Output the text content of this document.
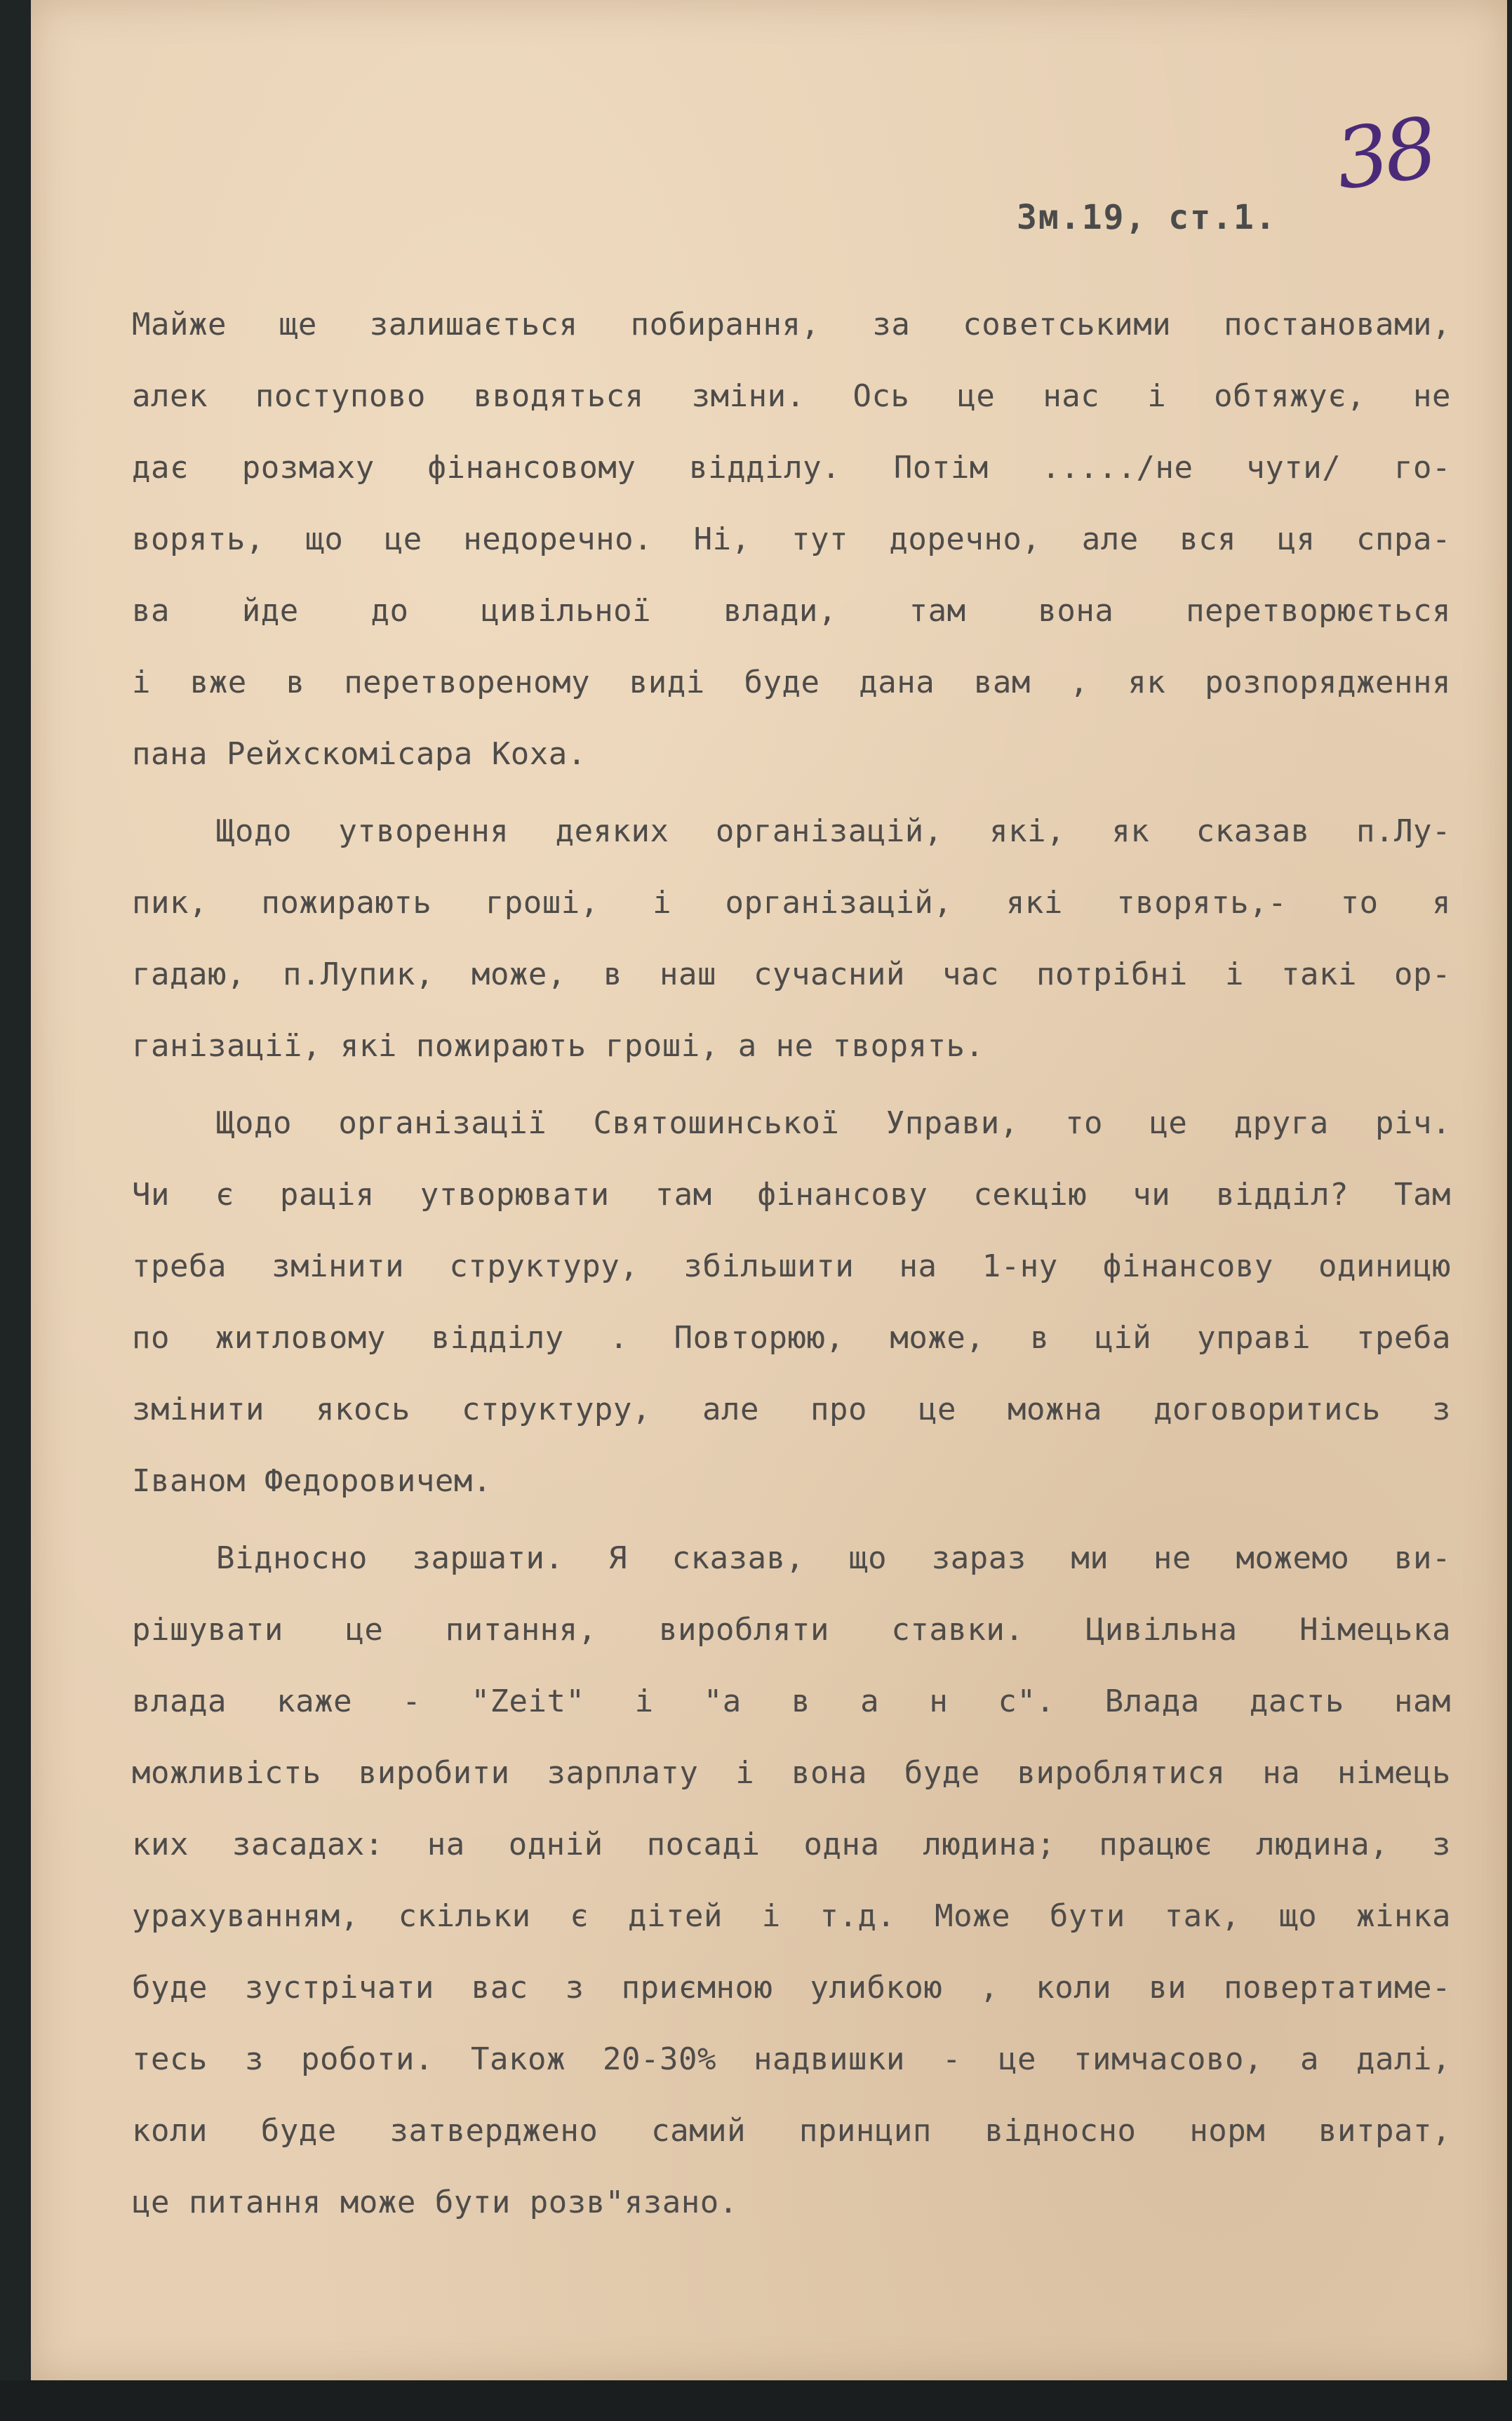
38
Зм.19, ст.1.
Майже ще залишається побирання, за советськими постановами,
алек поступово вводяться зміни. Ось це нас і обтяжує, не
дає розмаху фінансовому відділу. Потім ...../не чути/ го-
ворять, що це недоречно. Ні, тут доречно, але вся ця спра-
ва йде до цивільної влади, там вона перетворюється
і вже в перетвореному виді буде дана вам , як розпорядження
пана Рейхскомісара Коха.
Щодо утворення деяких організацій, які, як сказав п.Лу-
пик, пожирають гроші, і організацій, які творять,- то я
гадаю, п.Лупик, може, в наш сучасний час потрібні і такі ор-
ганізації, які пожирають гроші, а не творять.
Щодо організації Святошинської Управи, то це друга річ.
Чи є рація утворювати там фінансову секцію чи відділ? Там
треба змінити структуру, збільшити на 1-ну фінансову одиницю
по житловому відділу . Повторюю, може, в цій управі треба
змінити якось структуру, але про це можна договоритись з
Іваном Федоровичем.
Відносно заршати. Я сказав, що зараз ми не можемо ви-
рішувати це питання, виробляти ставки. Цивільна Німецька
влада каже - "Zeit" і "а в а н с". Влада дасть нам
можливість виробити зарплату і вона буде вироблятися на німець
ких засадах: на одній посаді одна людина; працює людина, з
урахуванням, скільки є дітей і т.д. Може бути так, що жінка
буде зустрічати вас з приємною улибкою , коли ви повертатиме-
тесь з роботи. Також 20-30% надвишки - це тимчасово, а далі,
коли буде затверджено самий принцип відносно норм витрат,
це питання може бути розв"язано.
